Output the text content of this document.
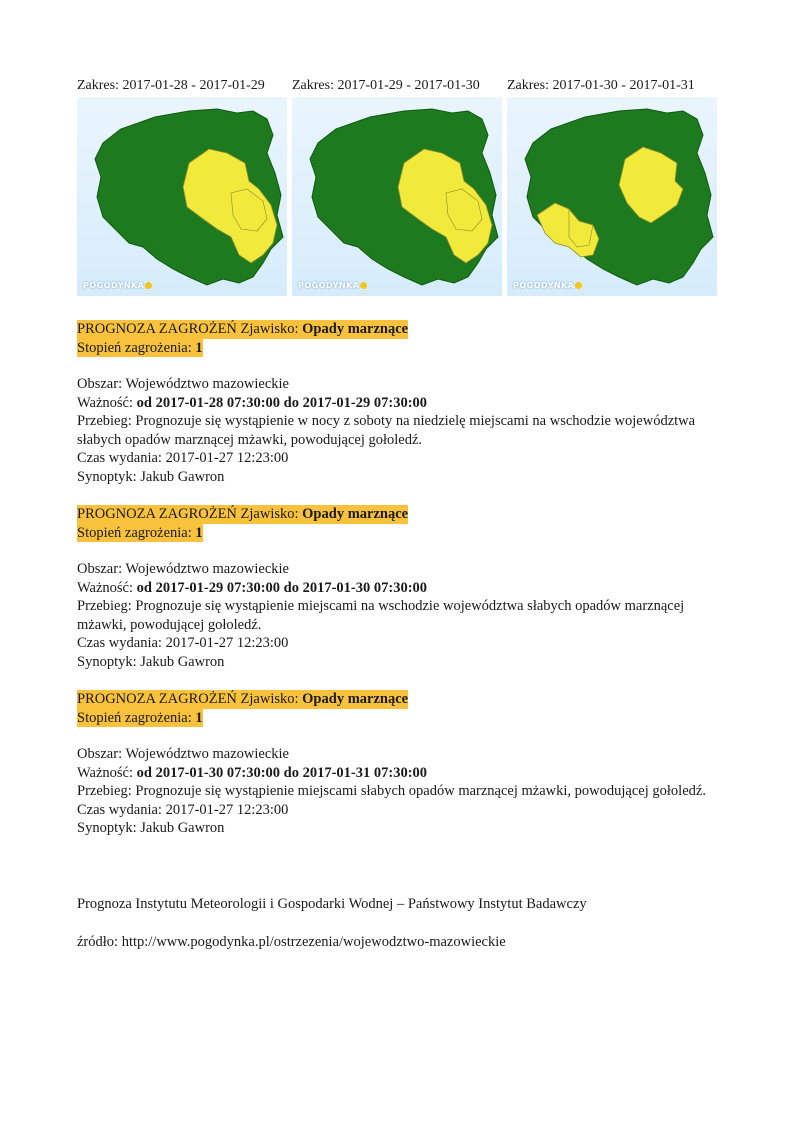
Zakres: 2017-01-28 - 2017-01-29
POGODYNKA
Zakres: 2017-01-29 - 2017-01-30
POGODYNKA
Zakres: 2017-01-30 - 2017-01-31
POGODYNKA
PROGNOZA ZAGROŻEŃ Zjawisko: Opady marznące
Stopień zagrożenia: 1
Obszar: Województwo mazowieckie
Ważność: od 2017-01-28 07:30:00 do 2017-01-29 07:30:00
Przebieg: Prognozuje się wystąpienie w nocy z soboty na niedzielę miejscami na wschodzie województwa słabych opadów marznącej mżawki, powodującej gołoledź.
Czas wydania: 2017-01-27 12:23:00
Synoptyk: Jakub Gawron
PROGNOZA ZAGROŻEŃ Zjawisko: Opady marznące
Stopień zagrożenia: 1
Obszar: Województwo mazowieckie
Ważność: od 2017-01-29 07:30:00 do 2017-01-30 07:30:00
Przebieg: Prognozuje się wystąpienie miejscami na wschodzie województwa słabych opadów marznącej mżawki, powodującej gołoledź.
Czas wydania: 2017-01-27 12:23:00
Synoptyk: Jakub Gawron
PROGNOZA ZAGROŻEŃ Zjawisko: Opady marznące
Stopień zagrożenia: 1
Obszar: Województwo mazowieckie
Ważność: od 2017-01-30 07:30:00 do 2017-01-31 07:30:00
Przebieg: Prognozuje się wystąpienie miejscami słabych opadów marznącej mżawki, powodującej gołoledź.
Czas wydania: 2017-01-27 12:23:00
Synoptyk: Jakub Gawron
Prognoza Instytutu Meteorologii i Gospodarki Wodnej – Państwowy Instytut Badawczy
źródło: http://www.pogodynka.pl/ostrzezenia/wojewodztwo-mazowieckie
